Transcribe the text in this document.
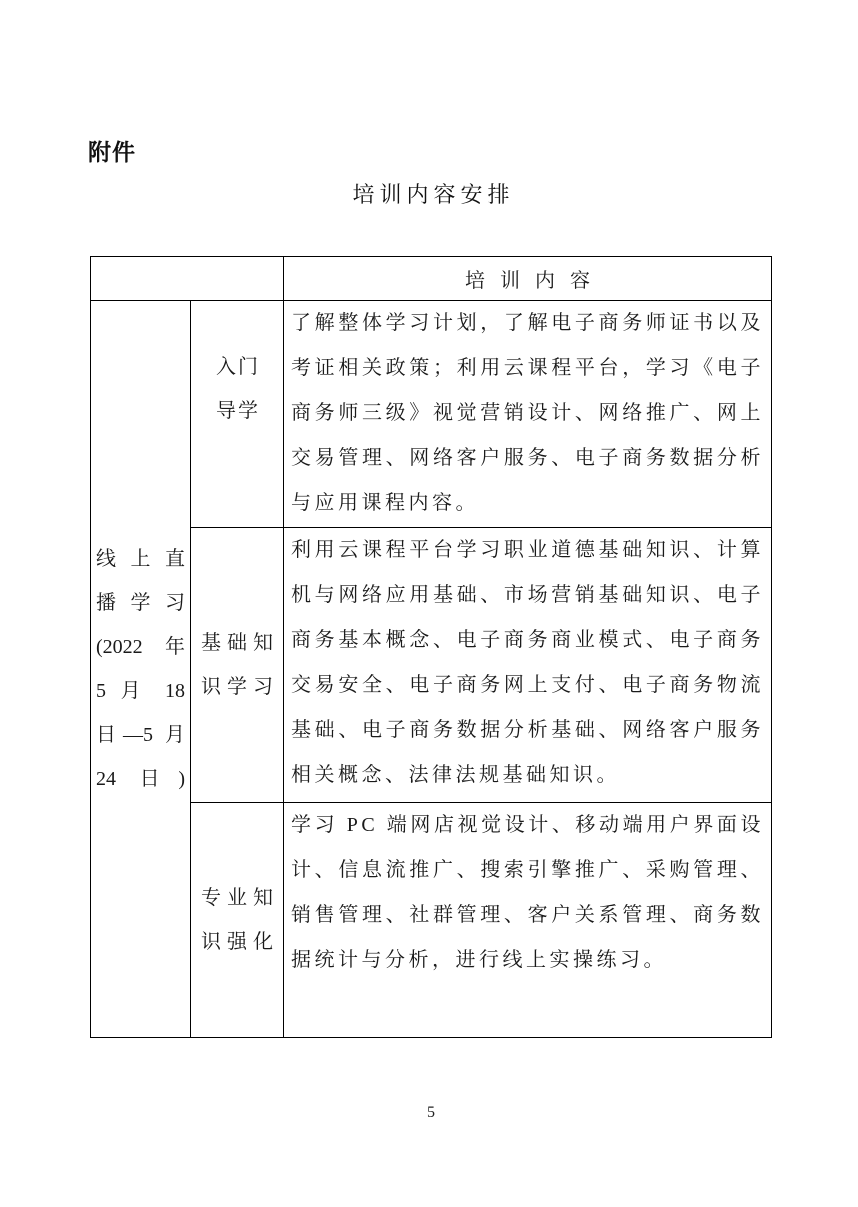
附件
培训内容安排
培训内容
线上直
播学习
(2022 年
5 月 18
日—5 月
24 日)
入门
导学
了解整体学习计划，了解电子商务师证书以及
考证相关政策；利用云课程平台，学习《电子
商务师三级》视觉营销设计、网络推广、网上
交易管理、网络客户服务、电子商务数据分析
与应用课程内容。
基础知
识学习
利用云课程平台学习职业道德基础知识、计算
机与网络应用基础、市场营销基础知识、电子
商务基本概念、电子商务商业模式、电子商务
交易安全、电子商务网上支付、电子商务物流
基础、电子商务数据分析基础、网络客户服务
相关概念、法律法规基础知识。
专业知
识强化
学习 PC 端网店视觉设计、移动端用户界面设
计、信息流推广、搜索引擎推广、采购管理、
销售管理、社群管理、客户关系管理、商务数
据统计与分析，进行线上实操练习。
5
